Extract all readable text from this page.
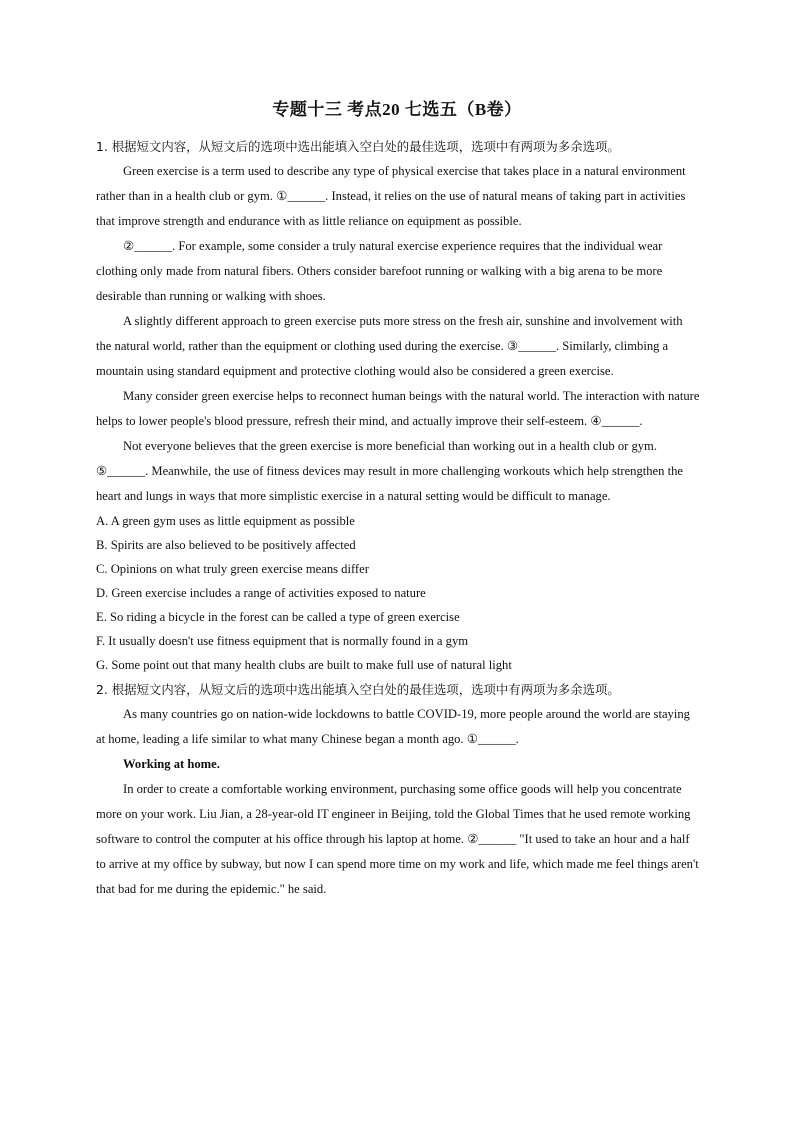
专题十三 考点20 七选五（B卷）

1. 根据短文内容，从短文后的选项中选出能填入空白处的最佳选项，选项中有两项为多余选项。

Green exercise is a term used to describe any type of physical exercise that takes place in a natural environment rather than in a health club or gym. ①______. Instead, it relies on the use of natural means of taking part in activities that improve strength and endurance with as little reliance on equipment as possible.

②______. For example, some consider a truly natural exercise experience requires that the individual wear clothing only made from natural fibers. Others consider barefoot running or walking with a big arena to be more desirable than running or walking with shoes.

A slightly different approach to green exercise puts more stress on the fresh air, sunshine and involvement with the natural world, rather than the equipment or clothing used during the exercise. ③______. Similarly, climbing a mountain using standard equipment and protective clothing would also be considered a green exercise.

Many consider green exercise helps to reconnect human beings with the natural world. The interaction with nature helps to lower people's blood pressure, refresh their mind, and actually improve their self-esteem. ④______.

Not everyone believes that the green exercise is more beneficial than working out in a health club or gym. ⑤______. Meanwhile, the use of fitness devices may result in more challenging workouts which help strengthen the heart and lungs in ways that more simplistic exercise in a natural setting would be difficult to manage.

A. A green gym uses as little equipment as possible

B. Spirits are also believed to be positively affected

C. Opinions on what truly green exercise means differ

D. Green exercise includes a range of activities exposed to nature

E. So riding a bicycle in the forest can be called a type of green exercise

F. It usually doesn't use fitness equipment that is normally found in a gym

G. Some point out that many health clubs are built to make full use of natural light

2. 根据短文内容，从短文后的选项中选出能填入空白处的最佳选项，选项中有两项为多余选项。

As many countries go on nation-wide lockdowns to battle COVID-19, more people around the world are staying at home, leading a life similar to what many Chinese began a month ago. ①______.

Working at home.

In order to create a comfortable working environment, purchasing some office goods will help you concentrate more on your work. Liu Jian, a 28-year-old IT engineer in Beijing, told the Global Times that he used remote working software to control the computer at his office through his laptop at home. ②______ "It used to take an hour and a half to arrive at my office by subway, but now I can spend more time on my work and life, which made me feel things aren't that bad for me during the epidemic." he said.
